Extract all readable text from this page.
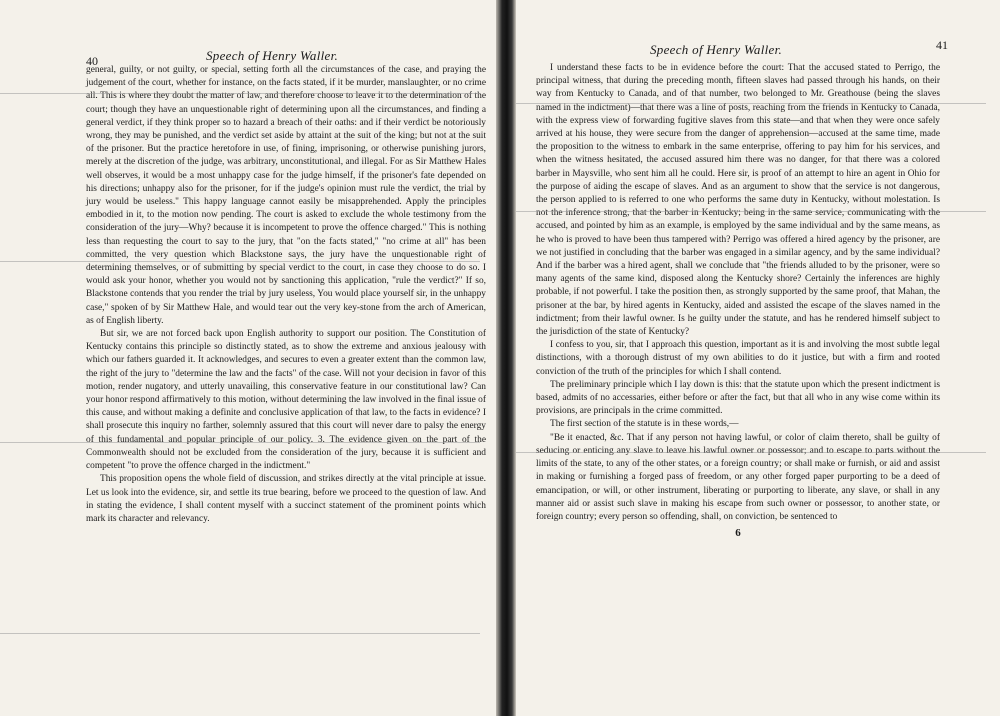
40	Speech of Henry Waller.

general, guilty, or not guilty, or special, setting forth all the circumstances of the case, and praying the judgement of the court, whether for instance, on the facts stated, if it be murder, manslaughter, or no crime all. This is where they doubt the matter of law, and therefore choose to leave it to the determination of the court; though they have an unquestionable right of determining upon all the circumstances, and finding a general verdict, if they think proper so to hazard a breach of their oaths: and if their verdict be notoriously wrong, they may be punished, and the verdict set aside by attaint at the suit of the king; but not at the suit of the prisoner. But the practice heretofore in use, of fining, imprisoning, or otherwise punishing jurors, merely at the discretion of the judge, was arbitrary, unconstitutional, and illegal. For as Sir Matthew Hales well observes, it would be a most unhappy case for the judge himself, if the prisoner's fate depended on his directions; unhappy also for the prisoner, for if the judge's opinion must rule the verdict, the trial by jury would be useless." This happy language cannot easily be misapprehended. Apply the principles embodied in it, to the motion now pending. The court is asked to exclude the whole testimony from the consideration of the jury—Why? because it is incompetent to prove the offence charged." This is nothing less than requesting the court to say to the jury, that "on the facts stated," "no crime at all" has been committed, the very question which Blackstone says, the jury have the unquestionable right of determining themselves, or of submitting by special verdict to the court, in case they choose to do so. I would ask your honor, whether you would not by sanctioning this application, "rule the verdict?" If so, Blackstone contends that you render the trial by jury useless, You would place yourself sir, in the unhappy case," spoken of by Sir Matthew Hale, and would tear out the very key-stone from the arch of American, as of English liberty.

But sir, we are not forced back upon English authority to support our position. The Constitution of Kentucky contains this principle so distinctly stated, as to show the extreme and anxious jealousy with which our fathers guarded it. It acknowledges, and secures to even a greater extent than the common law, the right of the jury to "determine the law and the facts" of the case. Will not your decision in favor of this motion, render nugatory, and utterly unavailing, this conservative feature in our constitutional law? Can your honor respond affirmatively to this motion, without determining the law involved in the final issue of this cause, and without making a definite and conclusive application of that law, to the facts in evidence? I shall prosecute this inquiry no farther, solemnly assured that this court will never dare to palsy the energy of this fundamental and popular principle of our policy. 3. The evidence given on the part of the Commonwealth should not be excluded from the consideration of the jury, because it is sufficient and competent "to prove the offence charged in the indictment."

This proposition opens the whole field of discussion, and strikes directly at the vital principle at issue. Let us look into the evidence, sir, and settle its true bearing, before we proceed to the question of law. And in stating the evidence, I shall content myself with a succinct statement of the prominent points which mark its character and relevancy.

Speech of Henry Waller.	41

I understand these facts to be in evidence before the court: That the accused stated to Perrigo, the principal witness, that during the preceding month, fifteen slaves had passed through his hands, on their way from Kentucky to Canada, and of that number, two belonged to Mr. Greathouse (being the slaves named in the indictment)—that there was a line of posts, reaching from the friends in Kentucky to Canada, with the express view of forwarding fugitive slaves from this state—and that when they were once safely arrived at his house, they were secure from the danger of apprehension—accused at the same time, made the proposition to the witness to embark in the same enterprise, offering to pay him for his services, and when the witness hesitated, the accused assured him there was no danger, for that there was a colored barber in Maysville, who sent him all he could. Here sir, is proof of an attempt to hire an agent in Ohio for the purpose of aiding the escape of slaves. And as an argument to show that the service is not dangerous, the person applied to is referred to one who performs the same duty in Kentucky, without molestation. Is not the inference strong, that the barber in Kentucky; being in the same service, communicating with the accused, and pointed by him as an example, is employed by the same individual and by the same means, as he who is proved to have been thus tampered with? Perrigo was offered a hired agency by the prisoner, are we not justified in concluding that the barber was engaged in a similar agency, and by the same individual? And if the barber was a hired agent, shall we conclude that "the friends alluded to by the prisoner, were so many agents of the same kind, disposed along the Kentucky shore? Certainly the inferences are highly probable, if not powerful. I take the position then, as strongly supported by the same proof, that Mahan, the prisoner at the bar, by hired agents in Kentucky, aided and assisted the escape of the slaves named in the indictment; from their lawful owner. Is he guilty under the statute, and has he rendered himself subject to the jurisdiction of the state of Kentucky?

I confess to you, sir, that I approach this question, important as it is and involving the most subtle legal distinctions, with a thorough distrust of my own abilities to do it justice, but with a firm and rooted conviction of the truth of the principles for which I shall contend.

The preliminary principle which I lay down is this: that the statute upon which the present indictment is based, admits of no accessaries, either before or after the fact, but that all who in any wise come within its provisions, are principals in the crime committed.

The first section of the statute is in these words,—

"Be it enacted, &c. That if any person not having lawful, or color of claim thereto, shall be guilty of seducing or enticing any slave to leave his lawful owner or possessor; and to escape to parts without the limits of the state, to any of the other states, or a foreign country; or shall make or furnish, or aid and assist in making or furnishing a forged pass of freedom, or any other forged paper purporting to be a deed of emancipation, or will, or other instrument, liberating or purporting to liberate, any slave, or shall in any manner aid or assist such slave in making his escape from such owner or possessor, to another state, or foreign country; every person so offending, shall, on conviction, be sentenced to

6
